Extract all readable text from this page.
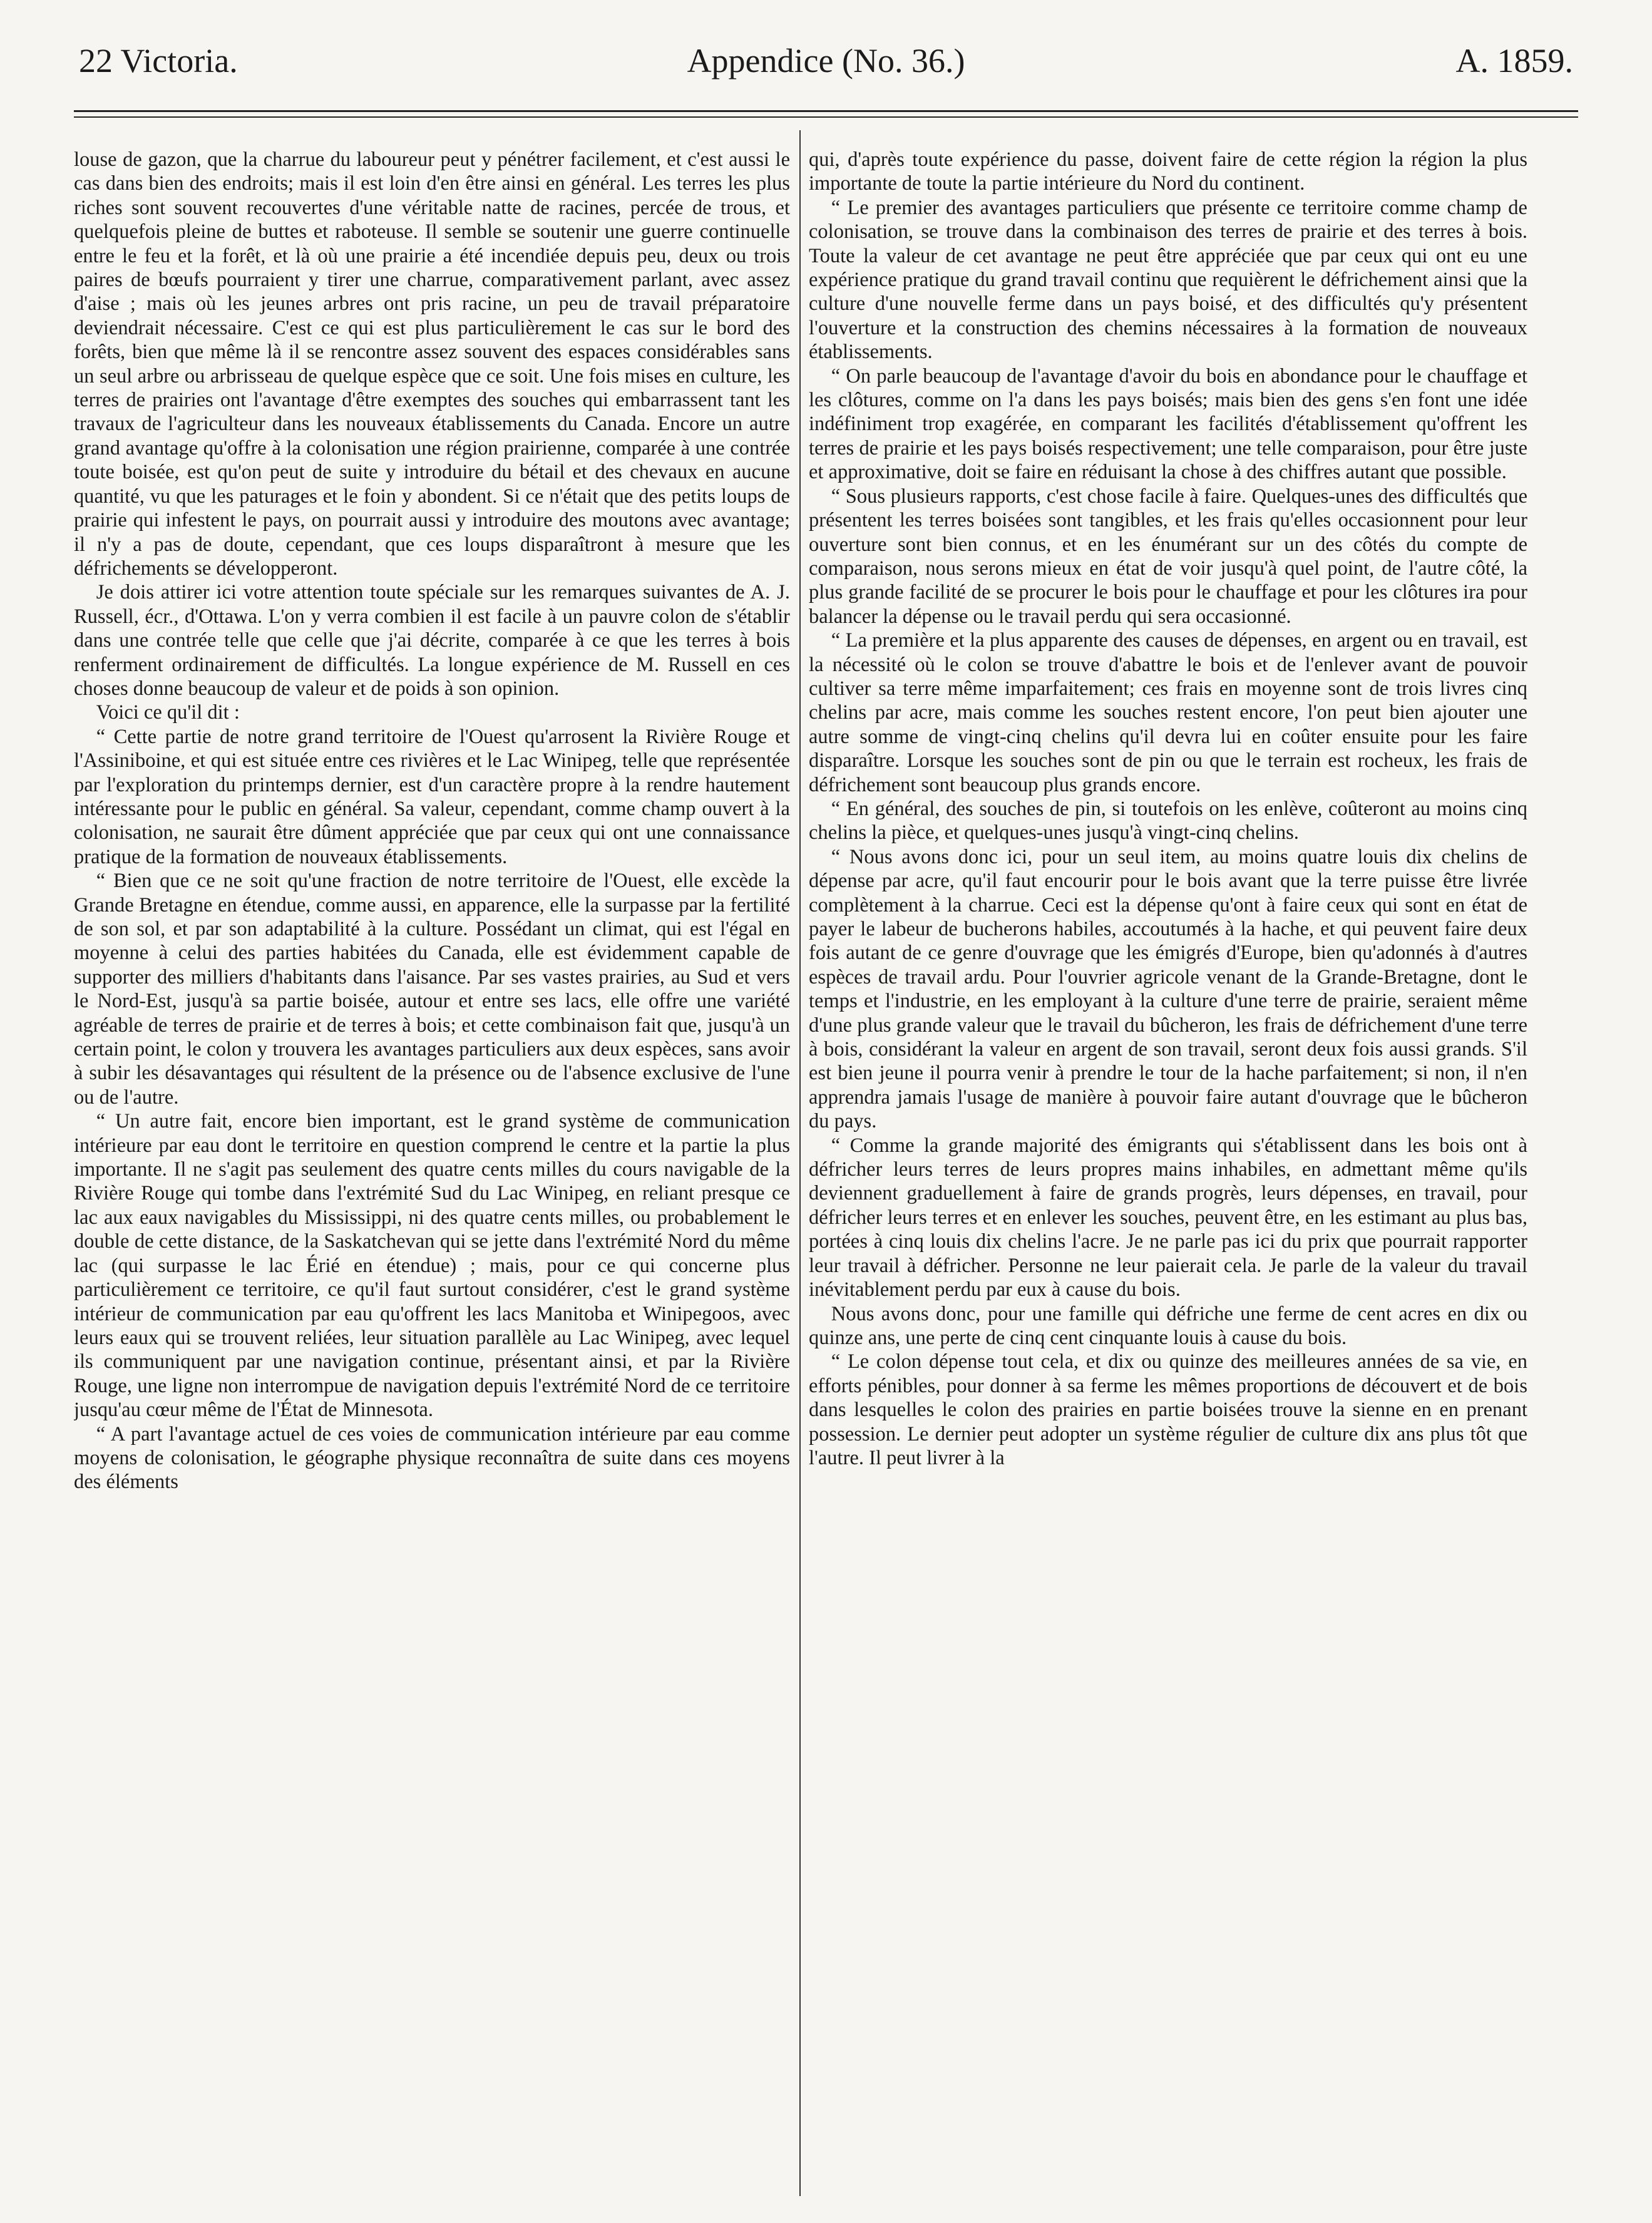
22 Victoria.	Appendice (No. 36.)	A. 1859.

louse de gazon, que la charrue du laboureur peut y pénétrer facilement, et c'est aussi le cas dans bien des endroits; mais il est loin d'en être ainsi en général. Les terres les plus riches sont souvent recouvertes d'une véritable natte de racines, percée de trous, et quelquefois pleine de buttes et raboteuse. Il semble se soutenir une guerre continuelle entre le feu et la forêt, et là où une prairie a été incendiée depuis peu, deux ou trois paires de bœufs pourraient y tirer une charrue, comparativement parlant, avec assez d'aise ; mais où les jeunes arbres ont pris racine, un peu de travail préparatoire deviendrait nécessaire. C'est ce qui est plus particulièrement le cas sur le bord des forêts, bien que même là il se rencontre assez souvent des espaces considérables sans un seul arbre ou arbrisseau de quelque espèce que ce soit. Une fois mises en culture, les terres de prairies ont l'avantage d'être exemptes des souches qui embarrassent tant les travaux de l'agriculteur dans les nouveaux établissements du Canada. Encore un autre grand avantage qu'offre à la colonisation une région prairienne, comparée à une contrée toute boisée, est qu'on peut de suite y introduire du bétail et des chevaux en aucune quantité, vu que les paturages et le foin y abondent. Si ce n'était que des petits loups de prairie qui infestent le pays, on pourrait aussi y introduire des moutons avec avantage; il n'y a pas de doute, cependant, que ces loups disparaîtront à mesure que les défrichements se développeront.

Je dois attirer ici votre attention toute spéciale sur les remarques suivantes de A. J. Russell, écr., d'Ottawa. L'on y verra combien il est facile à un pauvre colon de s'établir dans une contrée telle que celle que j'ai décrite, comparée à ce que les terres à bois renferment ordinairement de difficultés. La longue expérience de M. Russell en ces choses donne beaucoup de valeur et de poids à son opinion.

Voici ce qu'il dit :

“ Cette partie de notre grand territoire de l'Ouest qu'arrosent la Rivière Rouge et l'Assiniboine, et qui est située entre ces rivières et le Lac Winipeg, telle que représentée par l'exploration du printemps dernier, est d'un caractère propre à la rendre hautement intéressante pour le public en général. Sa valeur, cependant, comme champ ouvert à la colonisation, ne saurait être dûment appréciée que par ceux qui ont une connaissance pratique de la formation de nouveaux établissements.

“ Bien que ce ne soit qu'une fraction de notre territoire de l'Ouest, elle excède la Grande Bretagne en étendue, comme aussi, en apparence, elle la surpasse par la fertilité de son sol, et par son adaptabilité à la culture. Possédant un climat, qui est l'égal en moyenne à celui des parties habitées du Canada, elle est évidemment capable de supporter des milliers d'habitants dans l'aisance. Par ses vastes prairies, au Sud et vers le Nord-Est, jusqu'à sa partie boisée, autour et entre ses lacs, elle offre une variété agréable de terres de prairie et de terres à bois; et cette combinaison fait que, jusqu'à un certain point, le colon y trouvera les avantages particuliers aux deux espèces, sans avoir à subir les désavantages qui résultent de la présence ou de l'absence exclusive de l'une ou de l'autre.

“ Un autre fait, encore bien important, est le grand système de communication intérieure par eau dont le territoire en question comprend le centre et la partie la plus importante. Il ne s'agit pas seulement des quatre cents milles du cours navigable de la Rivière Rouge qui tombe dans l'extrémité Sud du Lac Winipeg, en reliant presque ce lac aux eaux navigables du Mississippi, ni des quatre cents milles, ou probablement le double de cette distance, de la Saskatchevan qui se jette dans l'extrémité Nord du même lac (qui surpasse le lac Érié en étendue) ; mais, pour ce qui concerne plus particulièrement ce territoire, ce qu'il faut surtout considérer, c'est le grand système intérieur de communication par eau qu'offrent les lacs Manitoba et Winipegoos, avec leurs eaux qui se trouvent reliées, leur situation parallèle au Lac Winipeg, avec lequel ils communiquent par une navigation continue, présentant ainsi, et par la Rivière Rouge, une ligne non interrompue de navigation depuis l'extrémité Nord de ce territoire jusqu'au cœur même de l'État de Minnesota.

“ A part l'avantage actuel de ces voies de communication intérieure par eau comme moyens de colonisation, le géographe physique reconnaîtra de suite dans ces moyens des éléments

qui, d'après toute expérience du passe, doivent faire de cette région la région la plus importante de toute la partie intérieure du Nord du continent.

“ Le premier des avantages particuliers que présente ce territoire comme champ de colonisation, se trouve dans la combinaison des terres de prairie et des terres à bois. Toute la valeur de cet avantage ne peut être appréciée que par ceux qui ont eu une expérience pratique du grand travail continu que requièrent le défrichement ainsi que la culture d'une nouvelle ferme dans un pays boisé, et des difficultés qu'y présentent l'ouverture et la construction des chemins nécessaires à la formation de nouveaux établissements.

“ On parle beaucoup de l'avantage d'avoir du bois en abondance pour le chauffage et les clôtures, comme on l'a dans les pays boisés; mais bien des gens s'en font une idée indéfiniment trop exagérée, en comparant les facilités d'établissement qu'offrent les terres de prairie et les pays boisés respectivement; une telle comparaison, pour être juste et approximative, doit se faire en réduisant la chose à des chiffres autant que possible.

“ Sous plusieurs rapports, c'est chose facile à faire. Quelques-unes des difficultés que présentent les terres boisées sont tangibles, et les frais qu'elles occasionnent pour leur ouverture sont bien connus, et en les énumérant sur un des côtés du compte de comparaison, nous serons mieux en état de voir jusqu'à quel point, de l'autre côté, la plus grande facilité de se procurer le bois pour le chauffage et pour les clôtures ira pour balancer la dépense ou le travail perdu qui sera occasionné.

“ La première et la plus apparente des causes de dépenses, en argent ou en travail, est la nécessité où le colon se trouve d'abattre le bois et de l'enlever avant de pouvoir cultiver sa terre même imparfaitement; ces frais en moyenne sont de trois livres cinq chelins par acre, mais comme les souches restent encore, l'on peut bien ajouter une autre somme de vingt-cinq chelins qu'il devra lui en coûter ensuite pour les faire disparaître. Lorsque les souches sont de pin ou que le terrain est rocheux, les frais de défrichement sont beaucoup plus grands encore.

“ En général, des souches de pin, si toutefois on les enlève, coûteront au moins cinq chelins la pièce, et quelques-unes jusqu'à vingt-cinq chelins.

“ Nous avons donc ici, pour un seul item, au moins quatre louis dix chelins de dépense par acre, qu'il faut encourir pour le bois avant que la terre puisse être livrée complètement à la charrue. Ceci est la dépense qu'ont à faire ceux qui sont en état de payer le labeur de bucherons habiles, accoutumés à la hache, et qui peuvent faire deux fois autant de ce genre d'ouvrage que les émigrés d'Europe, bien qu'adonnés à d'autres espèces de travail ardu. Pour l'ouvrier agricole venant de la Grande-Bretagne, dont le temps et l'industrie, en les employant à la culture d'une terre de prairie, seraient même d'une plus grande valeur que le travail du bûcheron, les frais de défrichement d'une terre à bois, considérant la valeur en argent de son travail, seront deux fois aussi grands. S'il est bien jeune il pourra venir à prendre le tour de la hache parfaitement; si non, il n'en apprendra jamais l'usage de manière à pouvoir faire autant d'ouvrage que le bûcheron du pays.

“ Comme la grande majorité des émigrants qui s'établissent dans les bois ont à défricher leurs terres de leurs propres mains inhabiles, en admettant même qu'ils deviennent graduellement à faire de grands progrès, leurs dépenses, en travail, pour défricher leurs terres et en enlever les souches, peuvent être, en les estimant au plus bas, portées à cinq louis dix chelins l'acre. Je ne parle pas ici du prix que pourrait rapporter leur travail à défricher. Personne ne leur paierait cela. Je parle de la valeur du travail inévitablement perdu par eux à cause du bois.

Nous avons donc, pour une famille qui défriche une ferme de cent acres en dix ou quinze ans, une perte de cinq cent cinquante louis à cause du bois.

“ Le colon dépense tout cela, et dix ou quinze des meilleures années de sa vie, en efforts pénibles, pour donner à sa ferme les mêmes proportions de découvert et de bois dans lesquelles le colon des prairies en partie boisées trouve la sienne en en prenant possession. Le dernier peut adopter un système régulier de culture dix ans plus tôt que l'autre. Il peut livrer à la
